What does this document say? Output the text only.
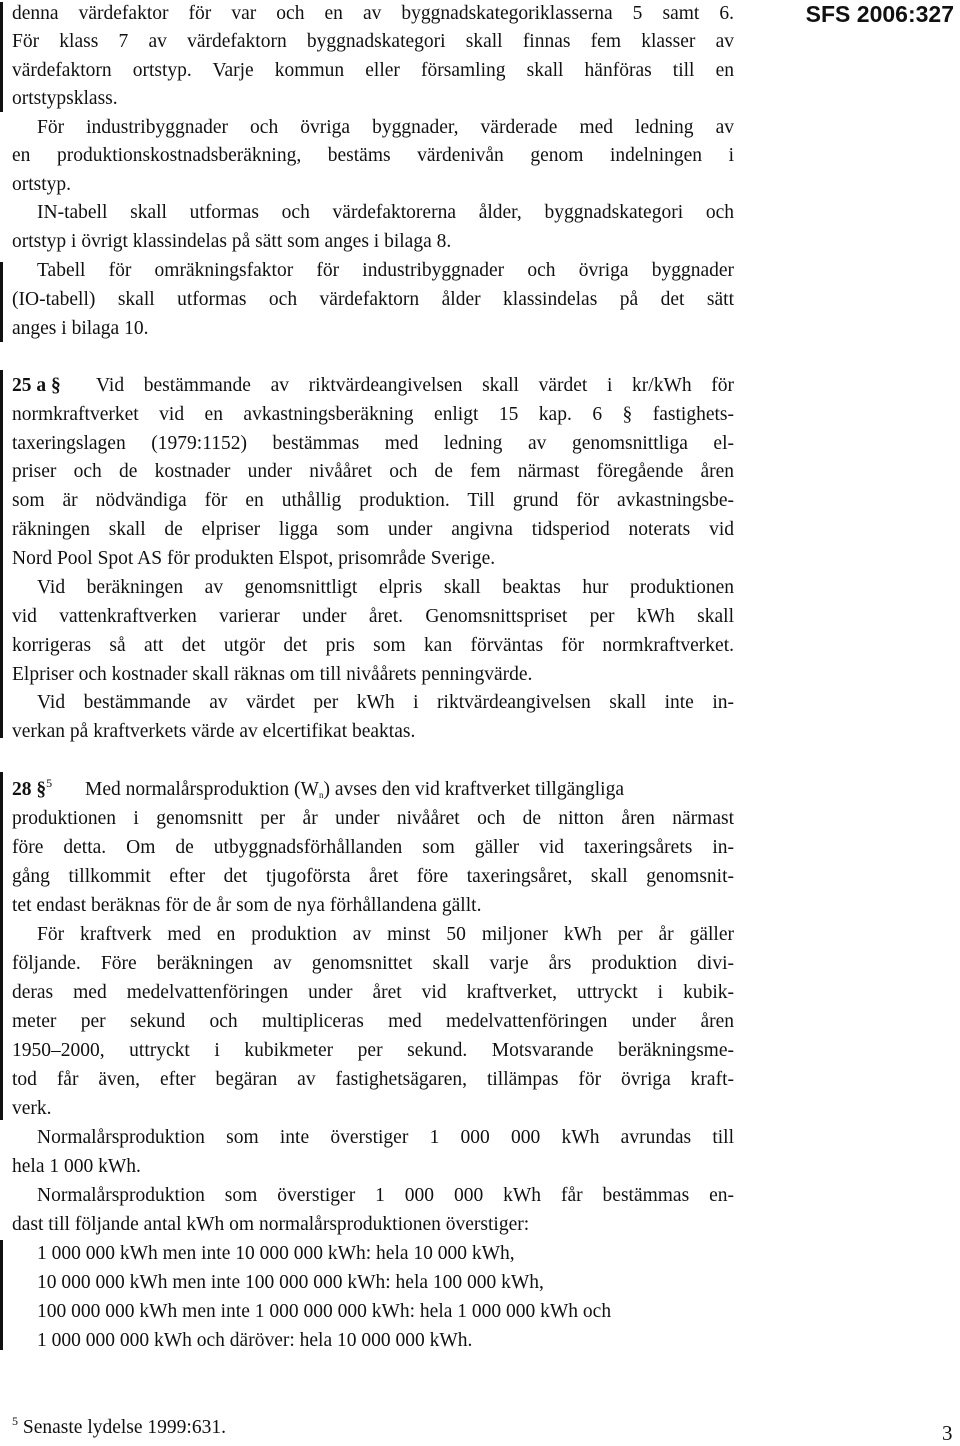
SFS 2006:327
denna värdefaktor för var och en av byggnadskategoriklasserna 5 samt 6.
För klass 7 av värdefaktorn byggnadskategori skall finnas fem klasser av
värdefaktorn ortstyp. Varje kommun eller församling skall hänföras till en
ortstypsklass.
För industribyggnader och övriga byggnader, värderade med ledning av
en produktionskostnadsberäkning, bestäms värdenivån genom indelningen i
ortstyp.
IN-tabell skall utformas och värdefaktorerna ålder, byggnadskategori och
ortstyp i övrigt klassindelas på sätt som anges i bilaga 8.
Tabell för omräkningsfaktor för industribyggnader och övriga byggnader
(IO-tabell) skall utformas och värdefaktorn ålder klassindelas på det sätt
anges i bilaga 10.
25 a § Vid bestämmande av riktvärdeangivelsen skall värdet i kr/kWh för
normkraftverket vid en avkastningsberäkning enligt 15 kap. 6 § fastighets-
taxeringslagen (1979:1152) bestämmas med ledning av genomsnittliga el-
priser och de kostnader under nivååret och de fem närmast föregående åren
som är nödvändiga för en uthållig produktion. Till grund för avkastningsbe-
räkningen skall de elpriser ligga som under angivna tidsperiod noterats vid
Nord Pool Spot AS för produkten Elspot, prisområde Sverige.
Vid beräkningen av genomsnittligt elpris skall beaktas hur produktionen
vid vattenkraftverken varierar under året. Genomsnittspriset per kWh skall
korrigeras så att det utgör det pris som kan förväntas för normkraftverket.
Elpriser och kostnader skall räknas om till nivåårets penningvärde.
Vid bestämmande av värdet per kWh i riktvärdeangivelsen skall inte in-
verkan på kraftverkets värde av elcertifikat beaktas.
28 §$^5$ Med normalårsproduktion $(W_n)$ avses den vid kraftverket tillgängliga
produktionen i genomsnitt per år under nivååret och de nitton åren närmast
före detta. Om de utbyggnadsförhållanden som gäller vid taxeringsårets in-
gång tillkommit efter det tjugoförsta året före taxeringsåret, skall genomsnit-
tet endast beräknas för de år som de nya förhållandena gällt.
För kraftverk med en produktion av minst 50 miljoner kWh per år gäller
följande. Före beräkningen av genomsnittet skall varje års produktion divi-
deras med medelvattenföringen under året vid kraftverket, uttryckt i kubik-
meter per sekund och multipliceras med medelvattenföringen under åren
1950–2000, uttryckt i kubikmeter per sekund. Motsvarande beräkningsme-
tod får även, efter begäran av fastighetsägaren, tillämpas för övriga kraft-
verk.
Normalårsproduktion som inte överstiger 1 000 000 kWh avrundas till
hela 1 000 kWh.
Normalårsproduktion som överstiger 1 000 000 kWh får bestämmas en-
dast till följande antal kWh om normalårsproduktionen överstiger:
1 000 000 kWh men inte 10 000 000 kWh: hela 10 000 kWh,
10 000 000 kWh men inte 100 000 000 kWh: hela 100 000 kWh,
100 000 000 kWh men inte 1 000 000 000 kWh: hela 1 000 000 kWh och
1 000 000 000 kWh och däröver: hela 10 000 000 kWh.
$^5$ Senaste lydelse 1999:631.	3
